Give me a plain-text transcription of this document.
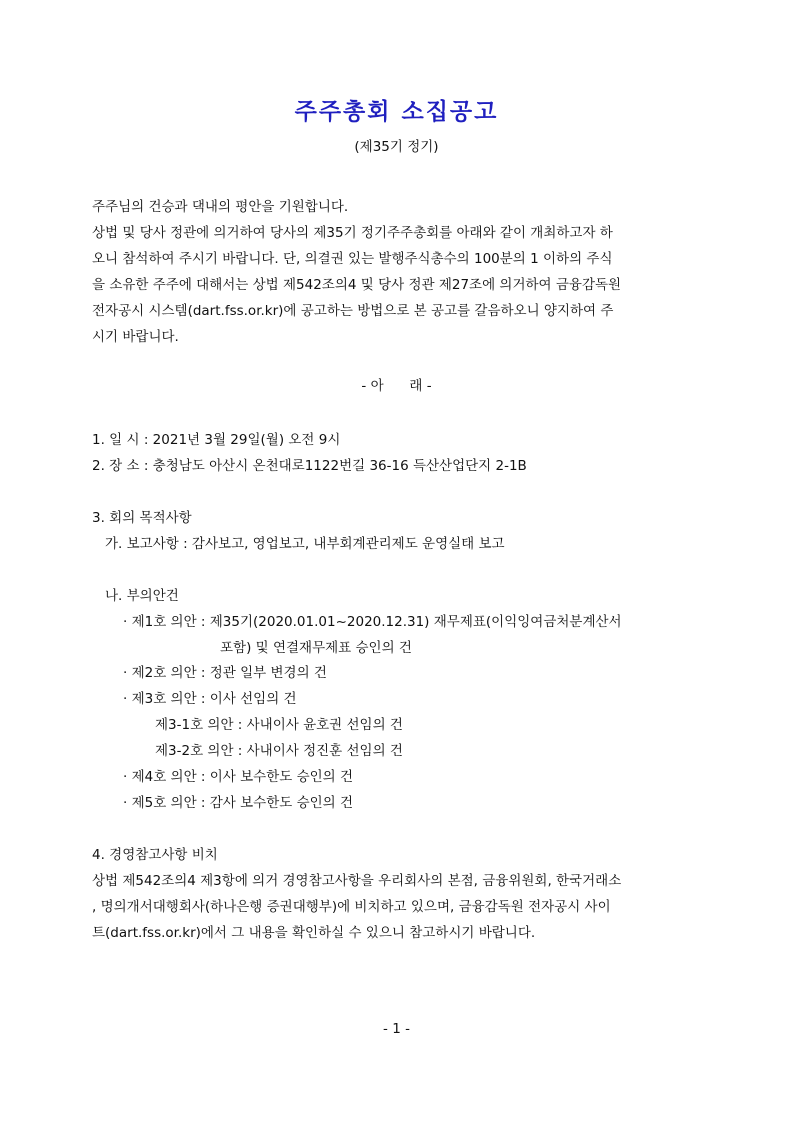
주주총회 소집공고
(제35기 정기)
주주님의 건승과 댁내의 평안을 기원합니다.
상법 및 당사 정관에 의거하여 당사의 제35기 정기주주총회를 아래와 같이 개최하고자 하
오니 참석하여 주시기 바랍니다. 단, 의결권 있는 발행주식총수의 100분의 1 이하의 주식
을 소유한 주주에 대해서는 상법 제542조의4 및 당사 정관 제27조에 의거하여 금융감독원
전자공시 시스템(dart.fss.or.kr)에 공고하는 방법으로 본 공고를 갈음하오니 양지하여 주
시기 바랍니다.
- 아      래 -
1. 일 시 : 2021년 3월 29일(월) 오전 9시
2. 장 소 : 충청남도 아산시 온천대로1122번길 36-16 득산산업단지 2-1B
3. 회의 목적사항
가. 보고사항 : 감사보고, 영업보고, 내부회계관리제도 운영실태 보고
나. 부의안건
· 제1호 의안 : 제35기(2020.01.01~2020.12.31) 재무제표(이익잉여금처분계산서
포함) 및 연결재무제표 승인의 건
· 제2호 의안 : 정관 일부 변경의 건
· 제3호 의안 : 이사 선임의 건
제3-1호 의안 : 사내이사 윤호권 선임의 건
제3-2호 의안 : 사내이사 정진훈 선임의 건
· 제4호 의안 : 이사 보수한도 승인의 건
· 제5호 의안 : 감사 보수한도 승인의 건
4. 경영참고사항 비치
상법 제542조의4 제3항에 의거 경영참고사항을 우리회사의 본점, 금융위원회, 한국거래소
, 명의개서대행회사(하나은행 증권대행부)에 비치하고 있으며, 금융감독원 전자공시 사이
트(dart.fss.or.kr)에서 그 내용을 확인하실 수 있으니 참고하시기 바랍니다.
- 1 -
